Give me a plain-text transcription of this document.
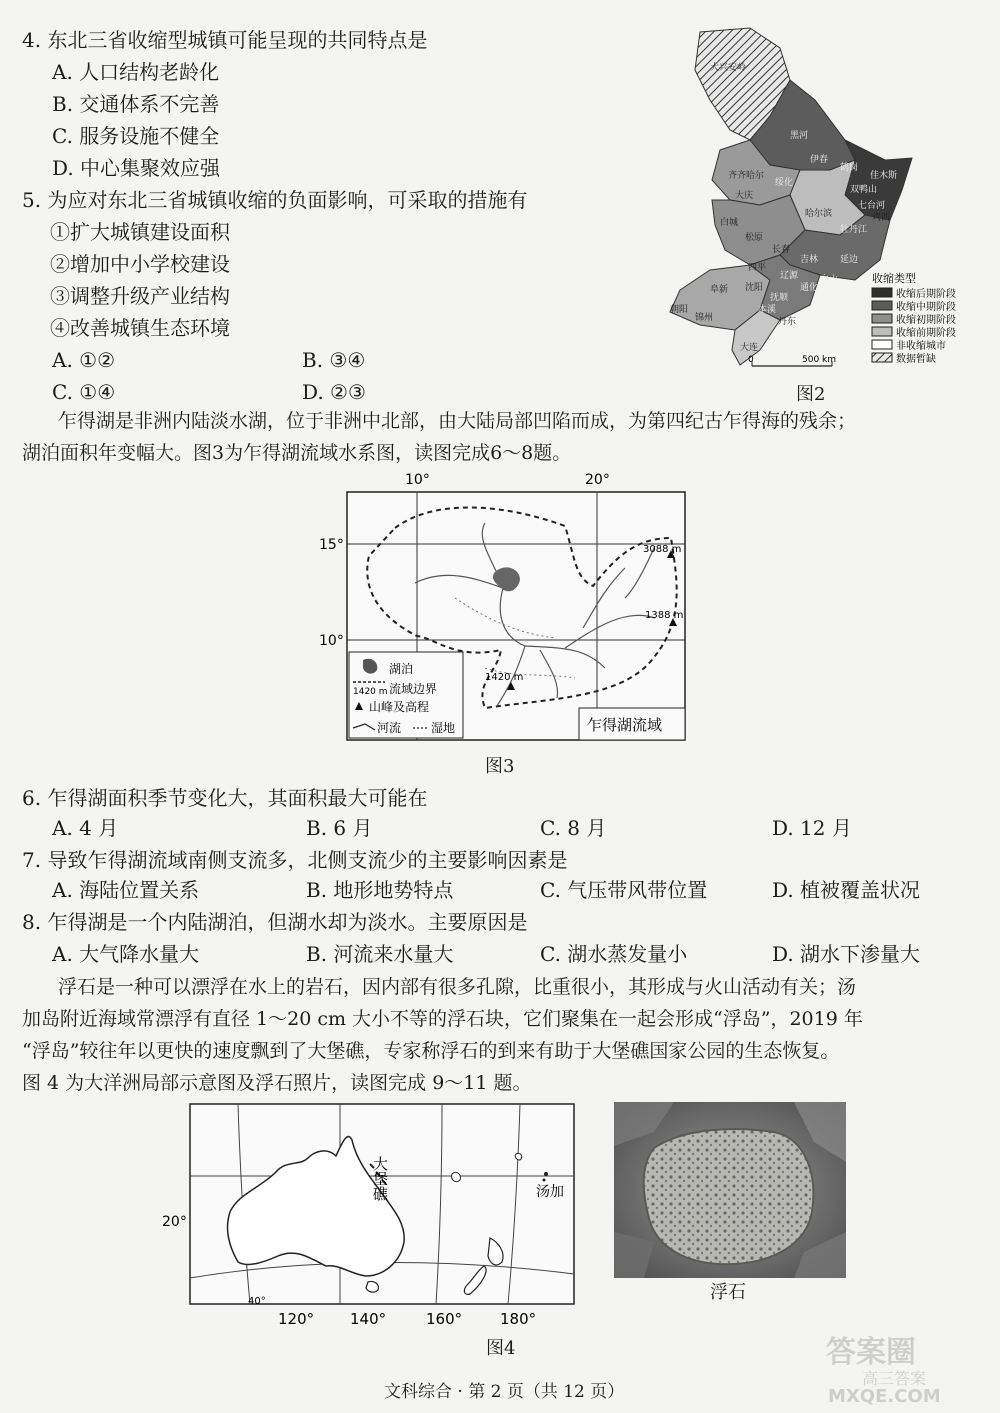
4. 东北三省收缩型城镇可能呈现的共同特点是
A. 人口结构老龄化
B. 交通体系不完善
C. 服务设施不健全
D. 中心集聚效应强
5. 为应对东北三省城镇收缩的负面影响，可采取的措施有
①扩大城镇建设面积
②增加中小学校建设
③调整升级产业结构
④改善城镇生态环境
A. ①②	B. ③④
C. ①④	D. ②③
大兴安岭
黑河
伊春
鹤岗
佳木斯
双鸭山
齐齐哈尔
绥化
大庆
哈尔滨
七台河
鸡西
牡丹江
白城
松原
长春
吉林 延边
四平
辽源
通化
白山
阜新
朝阳
锦州
沈阳
抚顺
本溪
丹东
大连
0	500 km
收缩类型
收缩后期阶段
收缩中期阶段
收缩初期阶段
收缩前期阶段
非收缩城市
数据暂缺
图2
乍得湖是非洲内陆淡水湖，位于非洲中北部，由大陆局部凹陷而成，为第四纪古乍得海的残余；
湖泊面积年变幅大。图3为乍得湖流域水系图，读图完成6～8题。
10°	20°
15°
10°
3088 m
1388 m
1420 m
湖泊
1420 m 流域边界
山峰及高程
河流 湿地	乍得湖流域
图3
6. 乍得湖面积季节变化大，其面积最大可能在
A. 4 月	B. 6 月	C. 8 月	D. 12 月
7. 导致乍得湖流域南侧支流多，北侧支流少的主要影响因素是
A. 海陆位置关系	B. 地形地势特点	C. 气压带风带位置	D. 植被覆盖状况
8. 乍得湖是一个内陆湖泊，但湖水却为淡水。主要原因是
A. 大气降水量大	B. 河流来水量大	C. 湖水蒸发量小	D. 湖水下渗量大
浮石是一种可以漂浮在水上的岩石，因内部有很多孔隙，比重很小，其形成与火山活动有关；汤
加岛附近海域常漂浮有直径 1～20 cm 大小不等的浮石块，它们聚集在一起会形成“浮岛”，2019 年
“浮岛”较往年以更快的速度飘到了大堡礁，专家称浮石的到来有助于大堡礁国家公园的生态恢复。
图 4 为大洋洲局部示意图及浮石照片，读图完成 9～11 题。
大堡礁	汤加
20°
40°
120° 140°	160°	180°
图4
浮石
文科综合 · 第 2 页（共 12 页）
答案圈
高三答案
MXQE.COM
